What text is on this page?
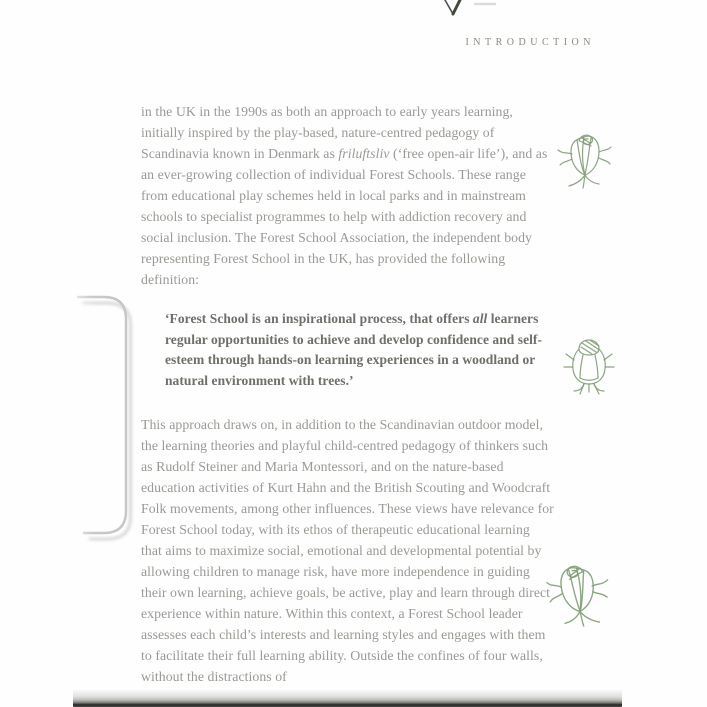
INTRODUCTION

in the UK in the 1990s as both an approach to early years learning, initially inspired by the play-based, nature-centred pedagogy of Scandinavia known in Denmark as friluftsliv (‘free open-air life’), and as an ever-growing collection of individual Forest Schools. These range from educational play schemes held in local parks and in mainstream schools to specialist programmes to help with addiction recovery and social inclusion. The Forest School Association, the independent body representing Forest School in the UK, has provided the following definition:

‘Forest School is an inspirational process, that offers all learners regular opportunities to achieve and develop confidence and self-esteem through hands-on learning experiences in a woodland or natural environment with trees.’

This approach draws on, in addition to the Scandinavian outdoor model, the learning theories and playful child-centred pedagogy of thinkers such as Rudolf Steiner and Maria Montessori, and on the nature-based education activities of Kurt Hahn and the British Scouting and Woodcraft Folk movements, among other influences. These views have relevance for Forest School today, with its ethos of therapeutic educational learning that aims to maximize social, emotional and developmental potential by allowing children to manage risk, have more independence in guiding their own learning, achieve goals, be active, play and learn through direct experience within nature. Within this context, a Forest School leader assesses each child’s interests and learning styles and engages with them to facilitate their full learning ability. Outside the confines of four walls, without the distractions of
